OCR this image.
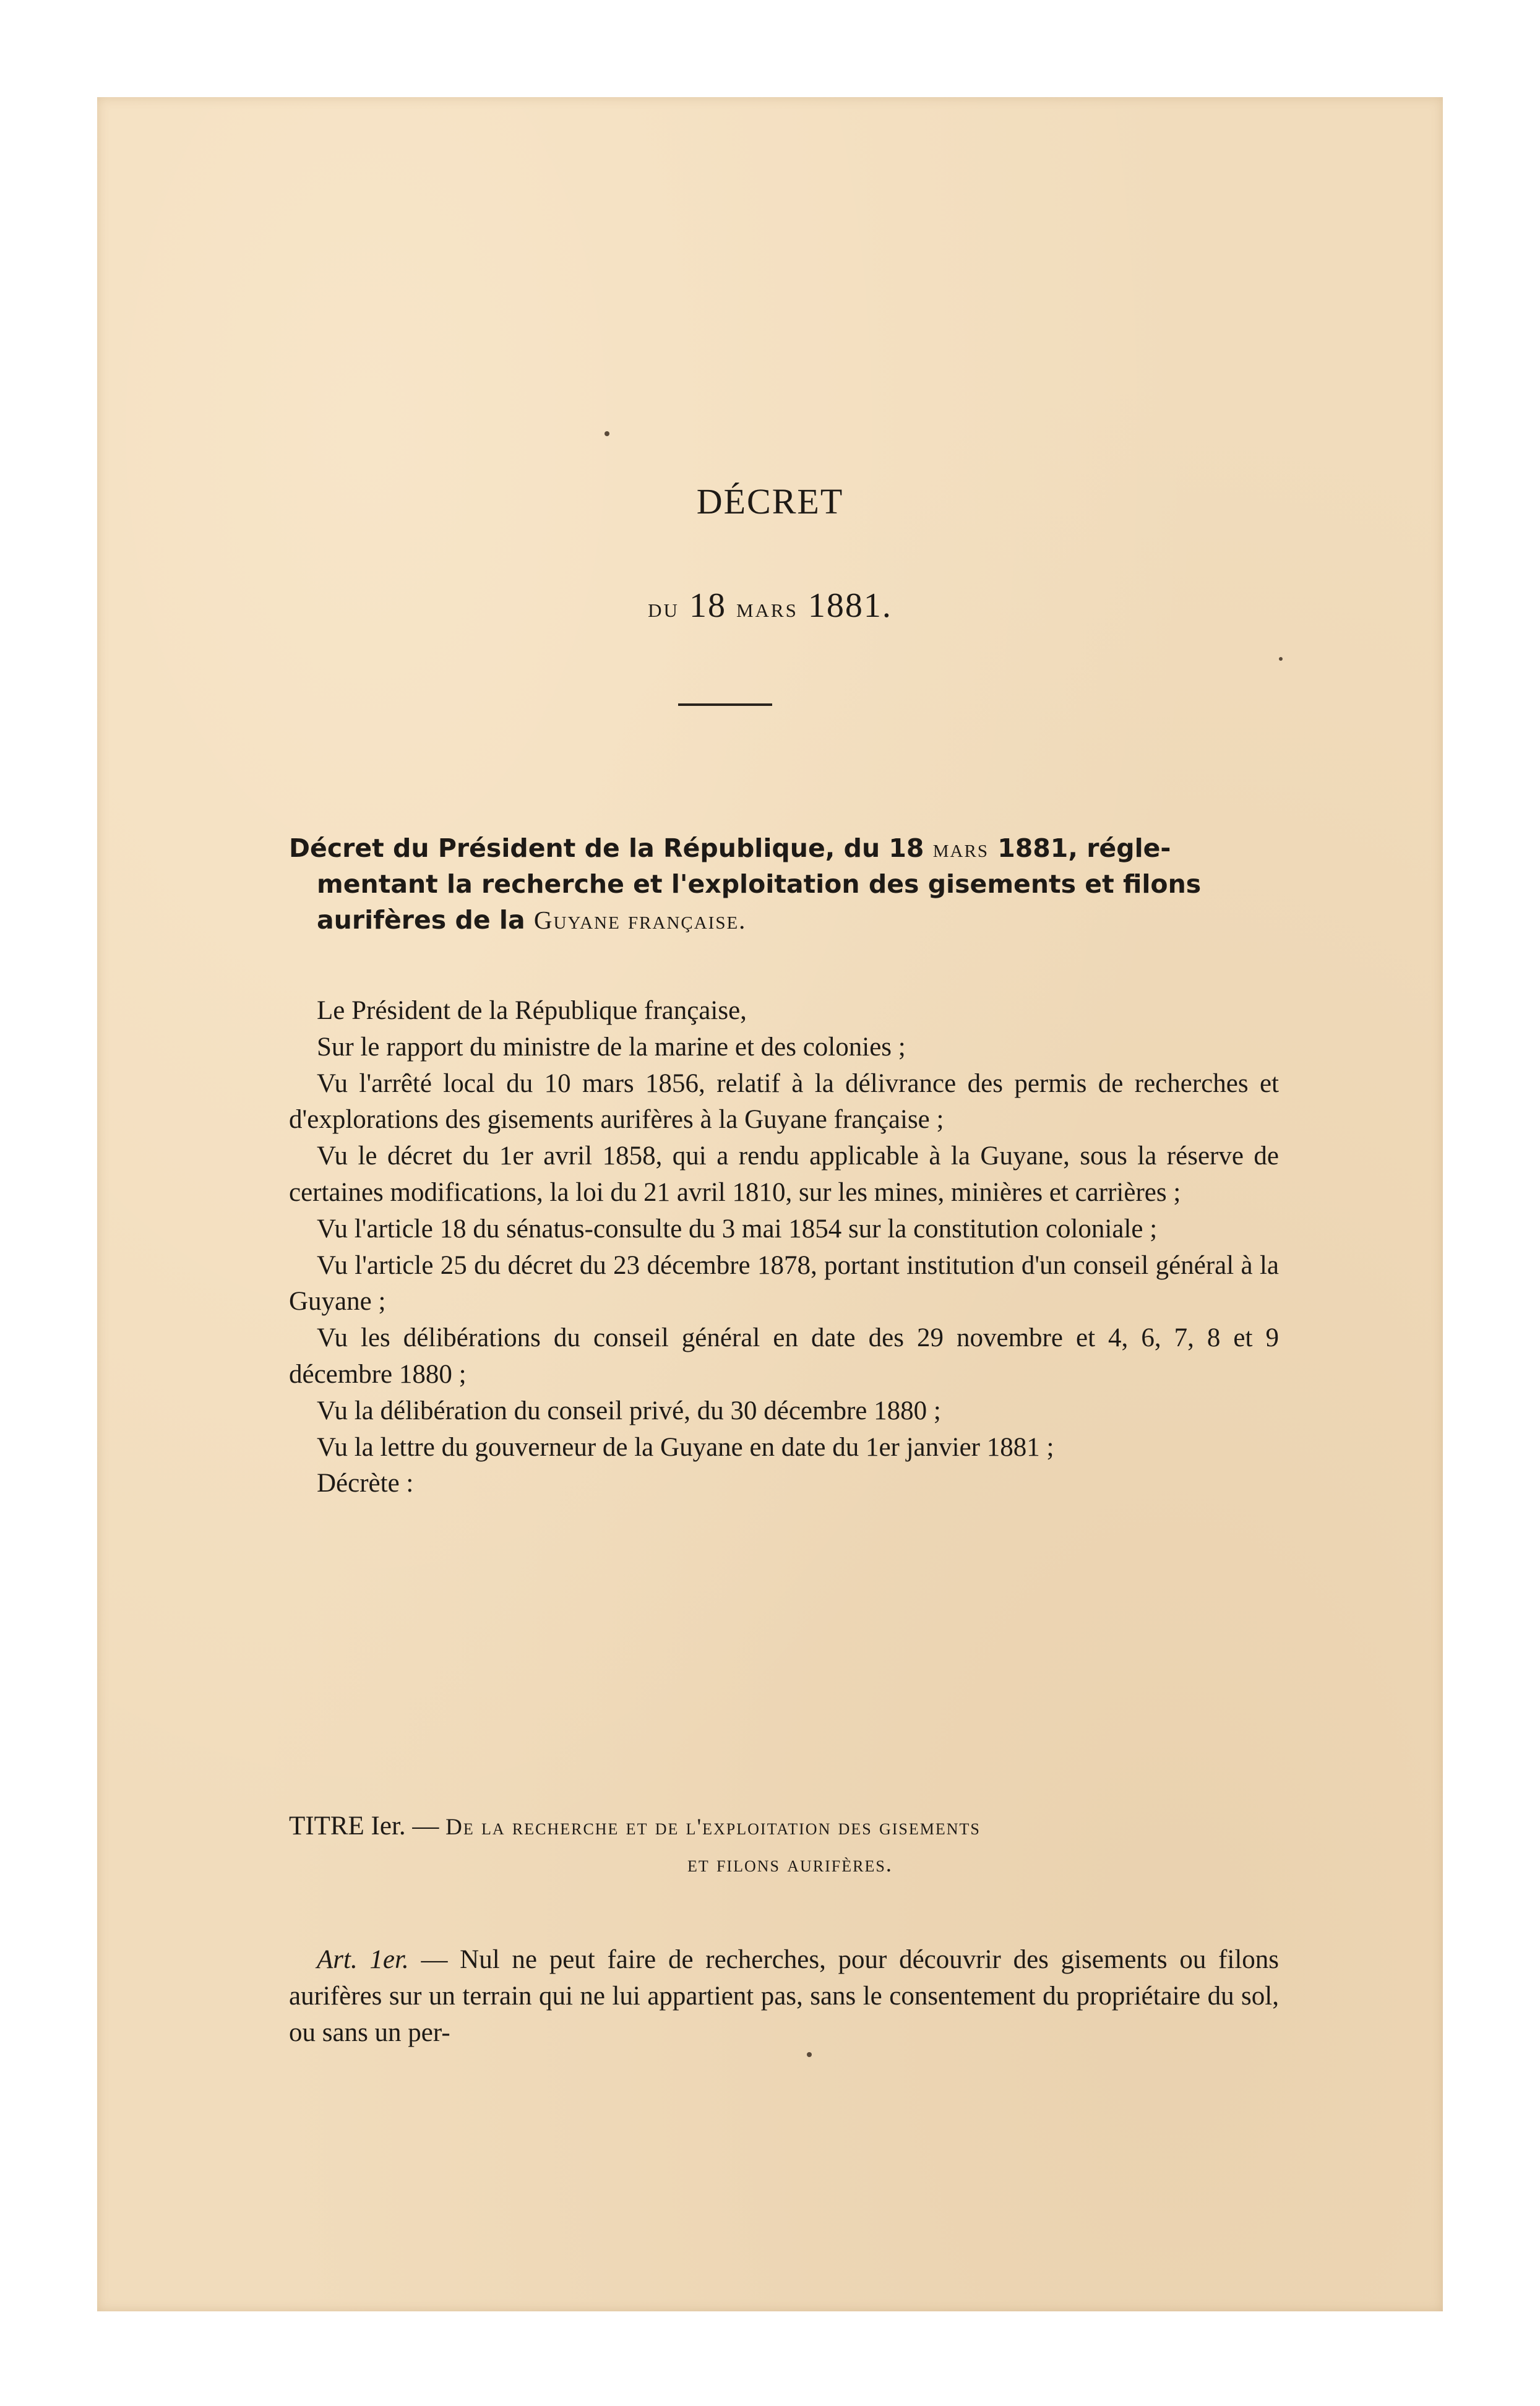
DÉCRET
du 18 mars 1881.
Décret du Président de la République, du 18 mars 1881, régle-
mentant la recherche et l'exploitation des gisements et filons
aurifères de la Guyane française.

Le Président de la République française,

Sur le rapport du ministre de la marine et des colonies ;

Vu l'arrêté local du 10 mars 1856, relatif à la délivrance des permis de recherches et d'explorations des gisements aurifères à la Guyane française ;

Vu le décret du 1er avril 1858, qui a rendu applicable à la Guyane, sous la réserve de certaines modifications, la loi du 21 avril 1810, sur les mines, minières et carrières ;

Vu l'article 18 du sénatus-consulte du 3 mai 1854 sur la constitution coloniale ;

Vu l'article 25 du décret du 23 décembre 1878, portant institution d'un conseil général à la Guyane ;

Vu les délibérations du conseil général en date des 29 novembre et 4, 6, 7, 8 et 9 décembre 1880 ;

Vu la délibération du conseil privé, du 30 décembre 1880 ;

Vu la lettre du gouverneur de la Guyane en date du 1er janvier 1881 ;

Décrète :

TITRE Ier. — De la recherche et de l'exploitation des gisements
et filons aurifères.

Art. 1er. — Nul ne peut faire de recherches, pour découvrir des gisements ou filons aurifères sur un terrain qui ne lui appartient pas, sans le consentement du propriétaire du sol, ou sans un per-
